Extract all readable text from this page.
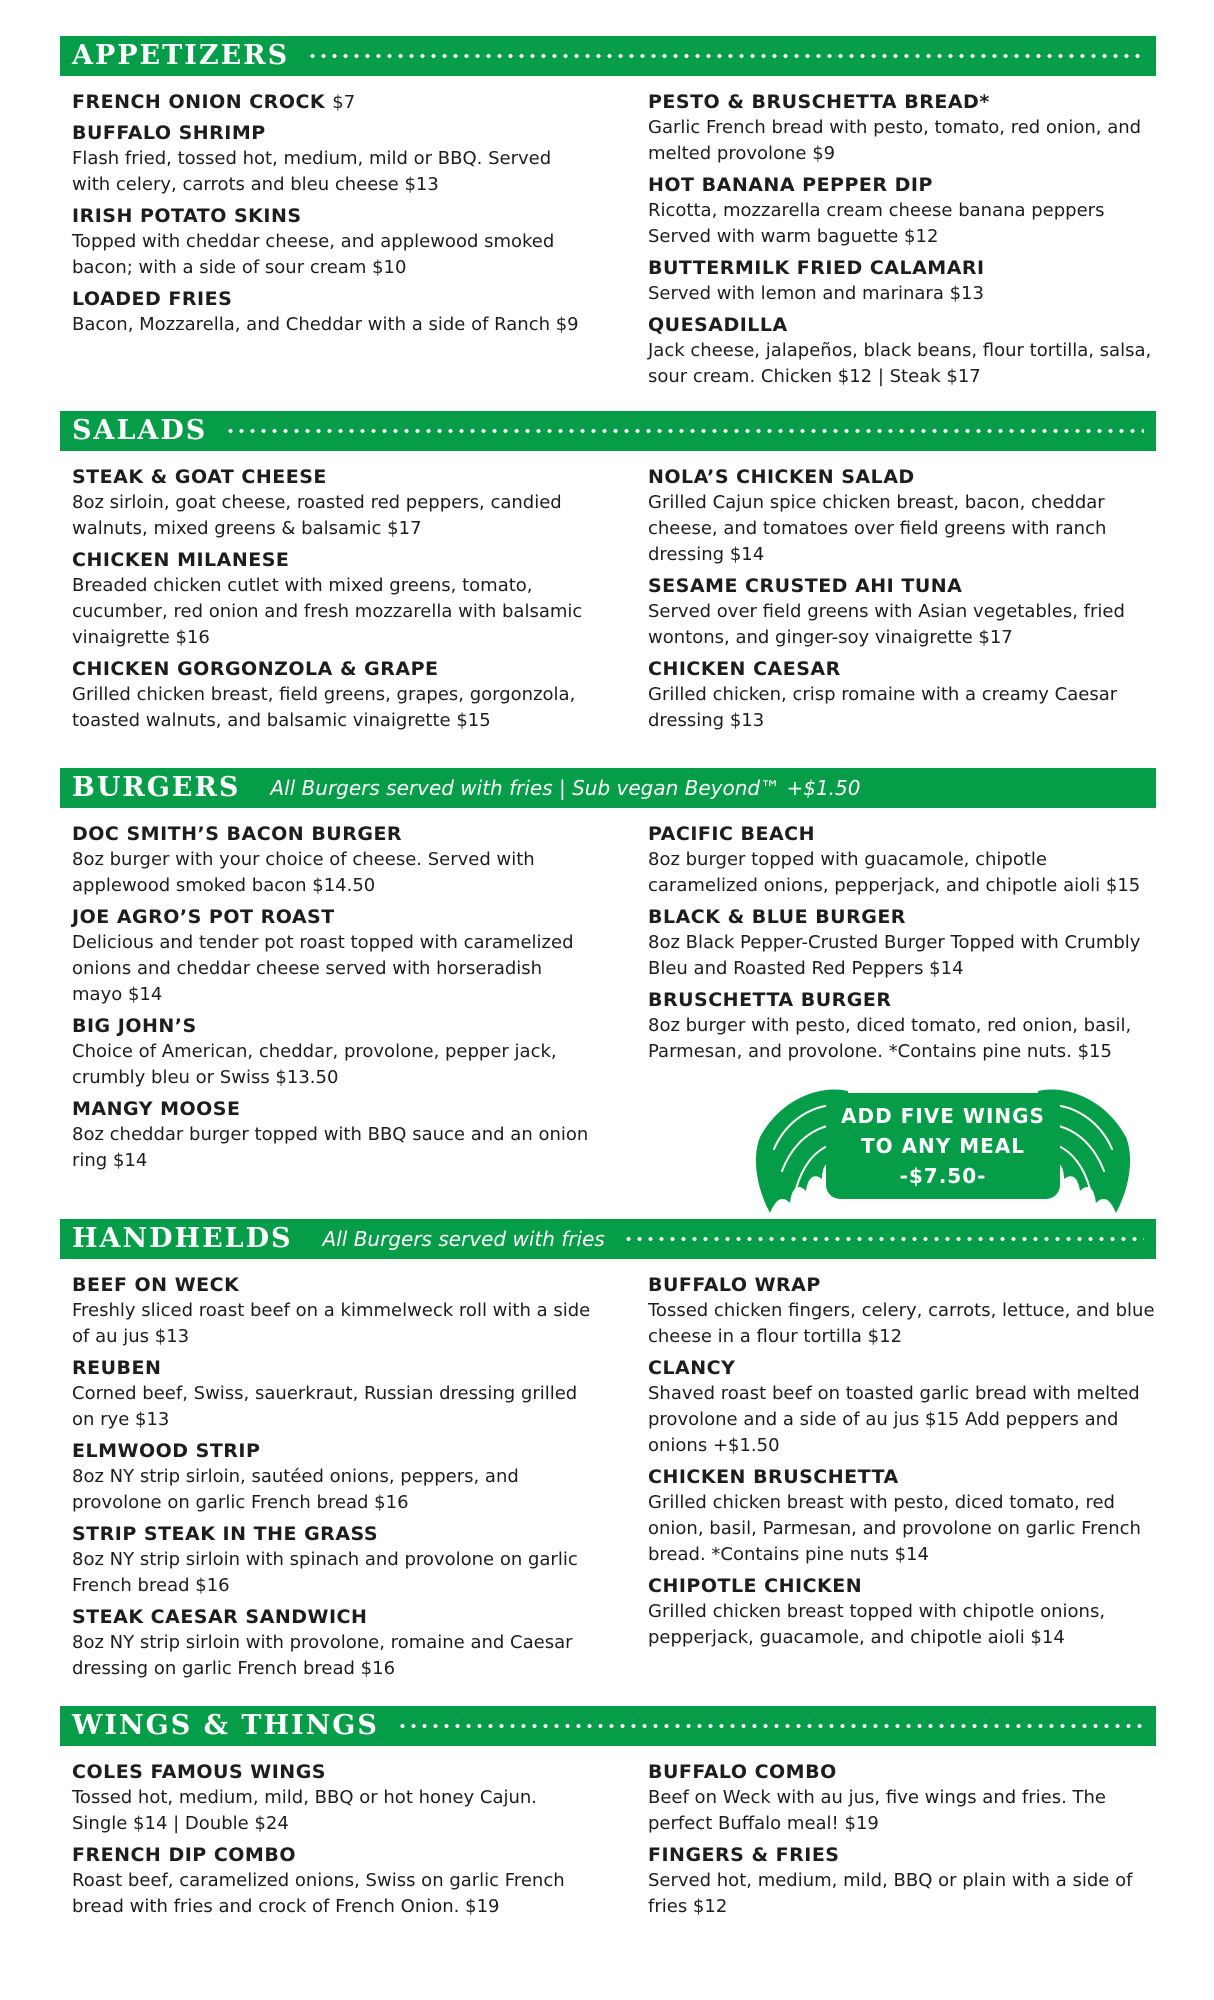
APPETIZERS
FRENCH ONION CROCK $7
BUFFALO SHRIMP
Flash fried, tossed hot, medium, mild or BBQ. Served with celery, carrots and bleu cheese $13
IRISH POTATO SKINS
Topped with cheddar cheese, and applewood smoked bacon; with a side of sour cream $10
LOADED FRIES
Bacon, Mozzarella, and Cheddar with a side of Ranch $9
PESTO & BRUSCHETTA BREAD*
Garlic French bread with pesto, tomato, red onion, and melted provolone $9
HOT BANANA PEPPER DIP
Ricotta, mozzarella cream cheese banana peppers Served with warm baguette $12
BUTTERMILK FRIED CALAMARI
Served with lemon and marinara $13
QUESADILLA
Jack cheese, jalapeños, black beans, flour tortilla, salsa, sour cream. Chicken $12 | Steak $17
SALADS
STEAK & GOAT CHEESE
8oz sirloin, goat cheese, roasted red peppers, candied walnuts, mixed greens & balsamic $17
CHICKEN MILANESE
Breaded chicken cutlet with mixed greens, tomato, cucumber, red onion and fresh mozzarella with balsamic vinaigrette $16
CHICKEN GORGONZOLA & GRAPE
Grilled chicken breast, field greens, grapes, gorgonzola, toasted walnuts, and balsamic vinaigrette $15
NOLA’S CHICKEN SALAD
Grilled Cajun spice chicken breast, bacon, cheddar cheese, and tomatoes over field greens with ranch dressing $14
SESAME CRUSTED AHI TUNA
Served over field greens with Asian vegetables, fried wontons, and ginger-soy vinaigrette $17
CHICKEN CAESAR
Grilled chicken, crisp romaine with a creamy Caesar dressing $13
BURGERS All Burgers served with fries | Sub vegan Beyond™ +$1.50
DOC SMITH’S BACON BURGER
8oz burger with your choice of cheese. Served with applewood smoked bacon $14.50
JOE AGRO’S POT ROAST
Delicious and tender pot roast topped with caramelized onions and cheddar cheese served with horseradish mayo $14
BIG JOHN’S
Choice of American, cheddar, provolone, pepper jack, crumbly bleu or Swiss $13.50
MANGY MOOSE
8oz cheddar burger topped with BBQ sauce and an onion ring $14
PACIFIC BEACH
8oz burger topped with guacamole, chipotle caramelized onions, pepperjack, and chipotle aioli $15
BLACK & BLUE BURGER
8oz Black Pepper-Crusted Burger Topped with Crumbly Bleu and Roasted Red Peppers $14
BRUSCHETTA BURGER
8oz burger with pesto, diced tomato, red onion, basil, Parmesan, and provolone. *Contains pine nuts. $15
ADD FIVE WINGS
TO ANY MEAL
-$7.50-
HANDHELDS All Burgers served with fries
BEEF ON WECK
Freshly sliced roast beef on a kimmelweck roll with a side of au jus $13
REUBEN
Corned beef, Swiss, sauerkraut, Russian dressing grilled on rye $13
ELMWOOD STRIP
8oz NY strip sirloin, sautéed onions, peppers, and provolone on garlic French bread $16
STRIP STEAK IN THE GRASS
8oz NY strip sirloin with spinach and provolone on garlic French bread $16
STEAK CAESAR SANDWICH
8oz NY strip sirloin with provolone, romaine and Caesar dressing on garlic French bread $16
BUFFALO WRAP
Tossed chicken fingers, celery, carrots, lettuce, and blue cheese in a flour tortilla $12
CLANCY
Shaved roast beef on toasted garlic bread with melted provolone and a side of au jus $15 Add peppers and onions +$1.50
CHICKEN BRUSCHETTA
Grilled chicken breast with pesto, diced tomato, red onion, basil, Parmesan, and provolone on garlic French bread. *Contains pine nuts $14
CHIPOTLE CHICKEN
Grilled chicken breast topped with chipotle onions, pepperjack, guacamole, and chipotle aioli $14
WINGS & THINGS
COLES FAMOUS WINGS
Tossed hot, medium, mild, BBQ or hot honey Cajun. Single $14 | Double $24
FRENCH DIP COMBO
Roast beef, caramelized onions, Swiss on garlic French bread with fries and crock of French Onion. $19
BUFFALO COMBO
Beef on Weck with au jus, five wings and fries. The perfect Buffalo meal! $19
FINGERS & FRIES
Served hot, medium, mild, BBQ or plain with a side of fries $12
